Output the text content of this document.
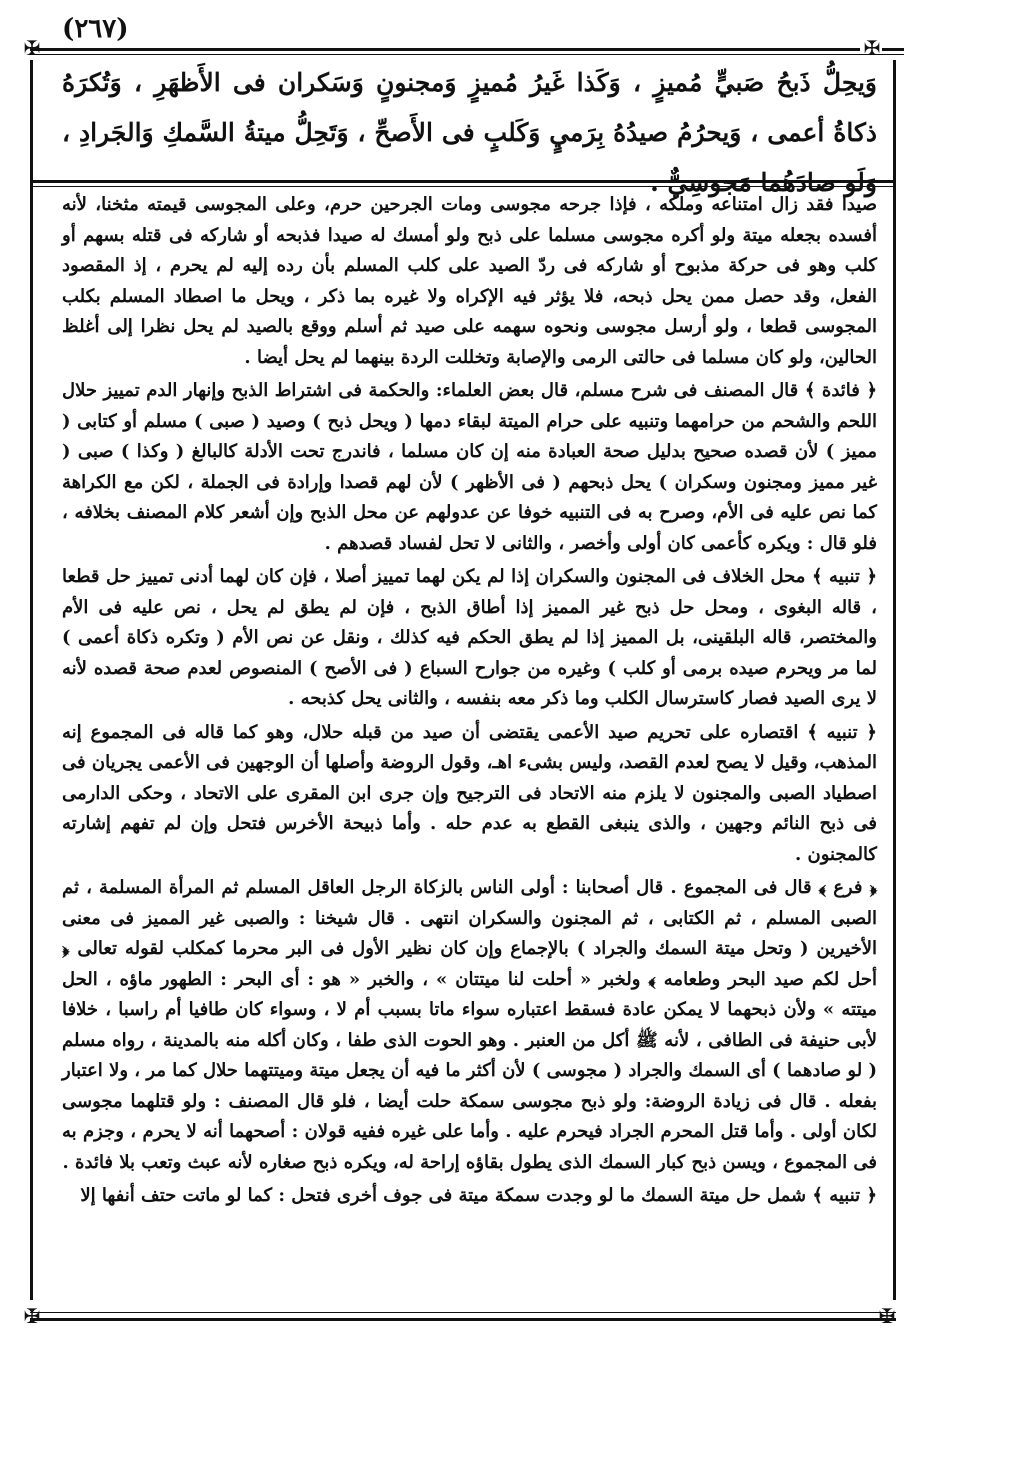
(٢٦٧)
✠	✠
✠	✠
وَيحِلُّ ذَبحُ صَبيٍّ مُميزٍ ، وَكَذا غَيرُ مُميزٍ وَمجنونٍ وَسَكران فى الأَظهَرِ ، وَتُكرَهُ ذكاةُ أعمى ، وَيحرُمُ صيدُهُ بِرَميٍ وَكَلبٍ فى الأَصحِّ ، وَتَحِلُّ ميتةُ السَّمكِ وَالجَرادِ ، وَلَو صادَهُما مَجوسِيٌّ .

صيدا فقد زال امتناعه وملكه ، فإذا جرحه مجوسى ومات الجرحين حرم، وعلى المجوسى قيمته مثخنا، لأنه أفسده بجعله ميتة ولو أكره مجوسى مسلما على ذبح ولو أمسك له صيدا فذبحه أو شاركه فى قتله بسهم أو كلب وهو فى حركة مذبوح أو شاركه فى ردّ الصيد على كلب المسلم بأن رده إليه لم يحرم ، إذ المقصود الفعل، وقد حصل ممن يحل ذبحه، فلا يؤثر فيه الإكراه ولا غيره بما ذكر ، ويحل ما اصطاد المسلم بكلب المجوسى قطعا ، ولو أرسل مجوسى ونحوه سهمه على صيد ثم أسلم ووقع بالصيد لم يحل نظرا إلى أغلظ الحالين، ولو كان مسلما فى حالتى الرمى والإصابة وتخللت الردة بينهما لم يحل أيضا .

﴿ فائدة ﴾ قال المصنف فى شرح مسلم، قال بعض العلماء: والحكمة فى اشتراط الذبح وإنهار الدم تمييز حلال اللحم والشحم من حرامهما وتنبيه على حرام الميتة لبقاء دمها ( ويحل ذبح ) وصيد ( صبى ) مسلم أو كتابى ( مميز ) لأن قصده صحيح بدليل صحة العبادة منه إن كان مسلما ، فاندرج تحت الأدلة كالبالغ ( وكذا ) صبى ( غير مميز ومجنون وسكران ) يحل ذبحهم ( فى الأظهر ) لأن لهم قصدا وإرادة فى الجملة ، لكن مع الكراهة كما نص عليه فى الأم، وصرح به فى التنبيه خوفا عن عدولهم عن محل الذبح وإن أشعر كلام المصنف بخلافه ، فلو قال : ويكره كأعمى كان أولى وأخصر ، والثانى لا تحل لفساد قصدهم .

﴿ تنبيه ﴾ محل الخلاف فى المجنون والسكران إذا لم يكن لهما تمييز أصلا ، فإن كان لهما أدنى تمييز حل قطعا ، قاله البغوى ، ومحل حل ذبح غير المميز إذا أطاق الذبح ، فإن لم يطق لم يحل ، نص عليه فى الأم والمختصر، قاله البلقينى، بل المميز إذا لم يطق الحكم فيه كذلك ، ونقل عن نص الأم ( وتكره ذكاة أعمى ) لما مر ويحرم صيده برمى أو كلب ) وغيره من جوارح السباع ( فى الأصح ) المنصوص لعدم صحة قصده لأنه لا يرى الصيد فصار كاسترسال الكلب وما ذكر معه بنفسه ، والثانى يحل كذبحه .

﴿ تنبيه ﴾ اقتصاره على تحريم صيد الأعمى يقتضى أن صيد من قبله حلال، وهو كما قاله فى المجموع إنه المذهب، وقيل لا يصح لعدم القصد، وليس بشىء اهـ، وقول الروضة وأصلها أن الوجهين فى الأعمى يجريان فى اصطياد الصبى والمجنون لا يلزم منه الاتحاد فى الترجيح وإن جرى ابن المقرى على الاتحاد ، وحكى الدارمى فى ذبح النائم وجهين ، والذى ينبغى القطع به عدم حله . وأما ذبيحة الأخرس فتحل وإن لم تفهم إشارته كالمجنون .

﴿ فرع ﴾ قال فى المجموع . قال أصحابنا : أولى الناس بالزكاة الرجل العاقل المسلم ثم المرأة المسلمة ، ثم الصبى المسلم ، ثم الكتابى ، ثم المجنون والسكران انتهى . قال شيخنا : والصبى غير المميز فى معنى الأخيرين ( وتحل ميتة السمك والجراد ) بالإجماع وإن كان نظير الأول فى البر محرما كمكلب لقوله تعالى ﴿ أحل لكم صيد البحر وطعامه ﴾ ولخبر « أحلت لنا ميتتان » ، والخبر « هو : أى البحر : الطهور ماؤه ، الحل ميتته » ولأن ذبحهما لا يمكن عادة فسقط اعتباره سواء ماتا بسبب أم لا ، وسواء كان طافيا أم راسبا ، خلافا لأبى حنيفة فى الطافى ، لأنه ﷺ أكل من العنبر . وهو الحوت الذى طفا ، وكان أكله منه بالمدينة ، رواه مسلم ( لو صادهما ) أى السمك والجراد ( مجوسى ) لأن أكثر ما فيه أن يجعل ميتة وميتتهما حلال كما مر ، ولا اعتبار بفعله . قال فى زيادة الروضة: ولو ذبح مجوسى سمكة حلت أيضا ، فلو قال المصنف : ولو قتلهما مجوسى لكان أولى . وأما قتل المحرم الجراد فيحرم عليه . وأما على غيره ففيه قولان : أصحهما أنه لا يحرم ، وجزم به فى المجموع ، ويسن ذبح كبار السمك الذى يطول بقاؤه إراحة له، ويكره ذبح صغاره لأنه عبث وتعب بلا فائدة .

﴿ تنبيه ﴾ شمل حل ميتة السمك ما لو وجدت سمكة ميتة فى جوف أخرى فتحل : كما لو ماتت حتف أنفها إلا
